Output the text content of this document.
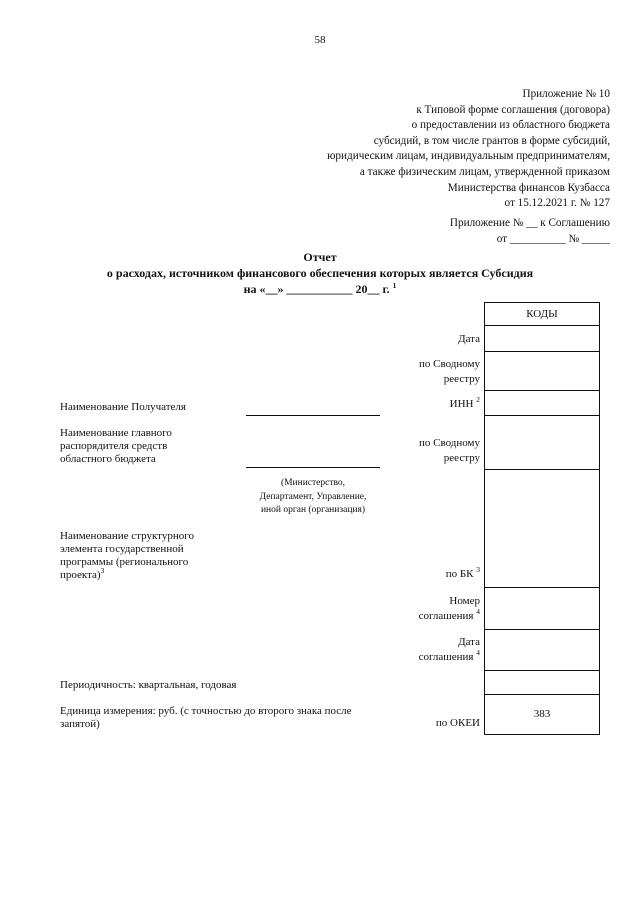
58
Приложение № 10
к Типовой форме соглашения (договора)
о предоставлении из областного бюджета
субсидий, в том числе грантов в форме субсидий,
юридическим лицам, индивидуальным предпринимателям,
а также физическим лицам, утвержденной приказом
Министерства финансов Кузбасса
от 15.12.2021 г. № 127
Приложение № __ к Соглашению
от __________ № _____
Отчет
о расходах, источником финансового обеспечения которых является Субсидия
на «__» ___________ 20__ г. $^1$
КОДЫ
383
Дата
по Сводному
реестру
ИНН $^2$
по Сводному
реестру
по БК $^3$
Номер
соглашения $^4$
Дата
соглашения $^4$
по ОКЕИ
Наименование Получателя
Наименование главного
распорядителя средств
областного бюджета
(Министерство,
Департамент, Управление,
иной орган (организация)
Наименование структурного
элемента государственной
программы (регионального
проекта)$^3$
Периодичность: квартальная, годовая
Единица измерения: руб. (с точностью до второго знака после
запятой)
